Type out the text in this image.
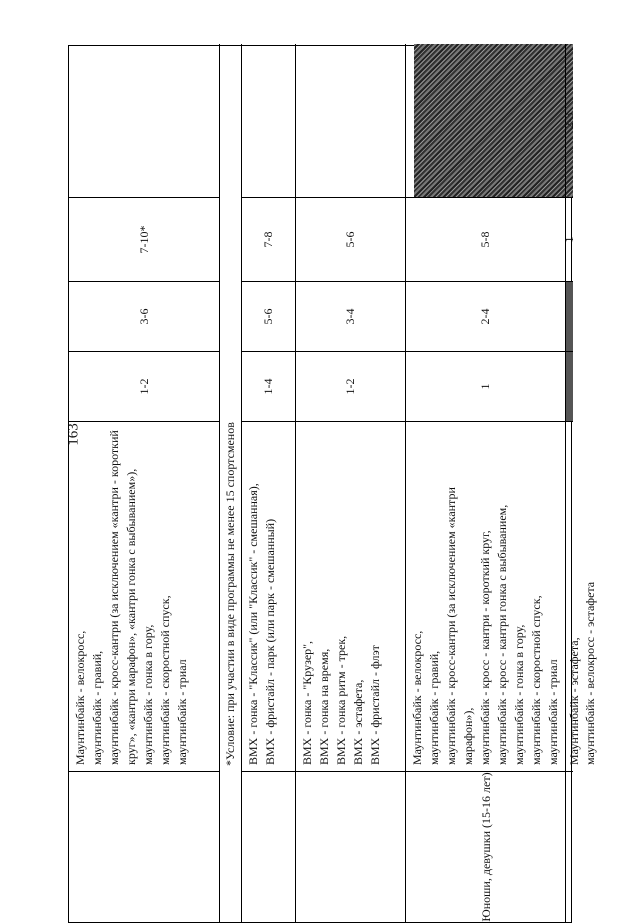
163
Маунтинбайк - велокросс, маунтинбайк - гравий, маунтинбайк - кросс-кантри (за исключением «кантри - короткий круг», «кантри марафон», «кантри гонка с выбыванием»), маунтинбайк - гонка в гору, маунтинбайк - скоростной спуск, маунтинбайк - триал
1-2
3-6
7-10*
*Условие: при участии в виде программы не менее 15 спортсменов ВМХ - гонка - "Классик" (или "Классик" - смешанная), ВМХ - фристайл - парк (или парк - смешанный)
1-4
5-6
7-8
ВМХ - гонка - "Крузер", ВМХ - гонка на время, ВМХ - гонка ритм - трек, ВМХ - эстафета, ВМХ - фристайл - флэт
1-2
3-4
5-6
Юноши, девушки (15-16 лет)
Маунтинбайк - велокросс, маунтинбайк - гравий, маунтинбайк - кросс-кантри (за исключением «кантри марафон»), маунтинбайк - кросс - кантри - короткий круг, маунтинбайк - кросс - кантри гонка с выбыванием, маунтинбайк - гонка в гору, маунтинбайк - скоростной спуск, маунтинбайк - триал
1
2-4
5-8
Маунтинбайк - эстафета, маунтинбайк - велокросс - эстафета
1
2-3
